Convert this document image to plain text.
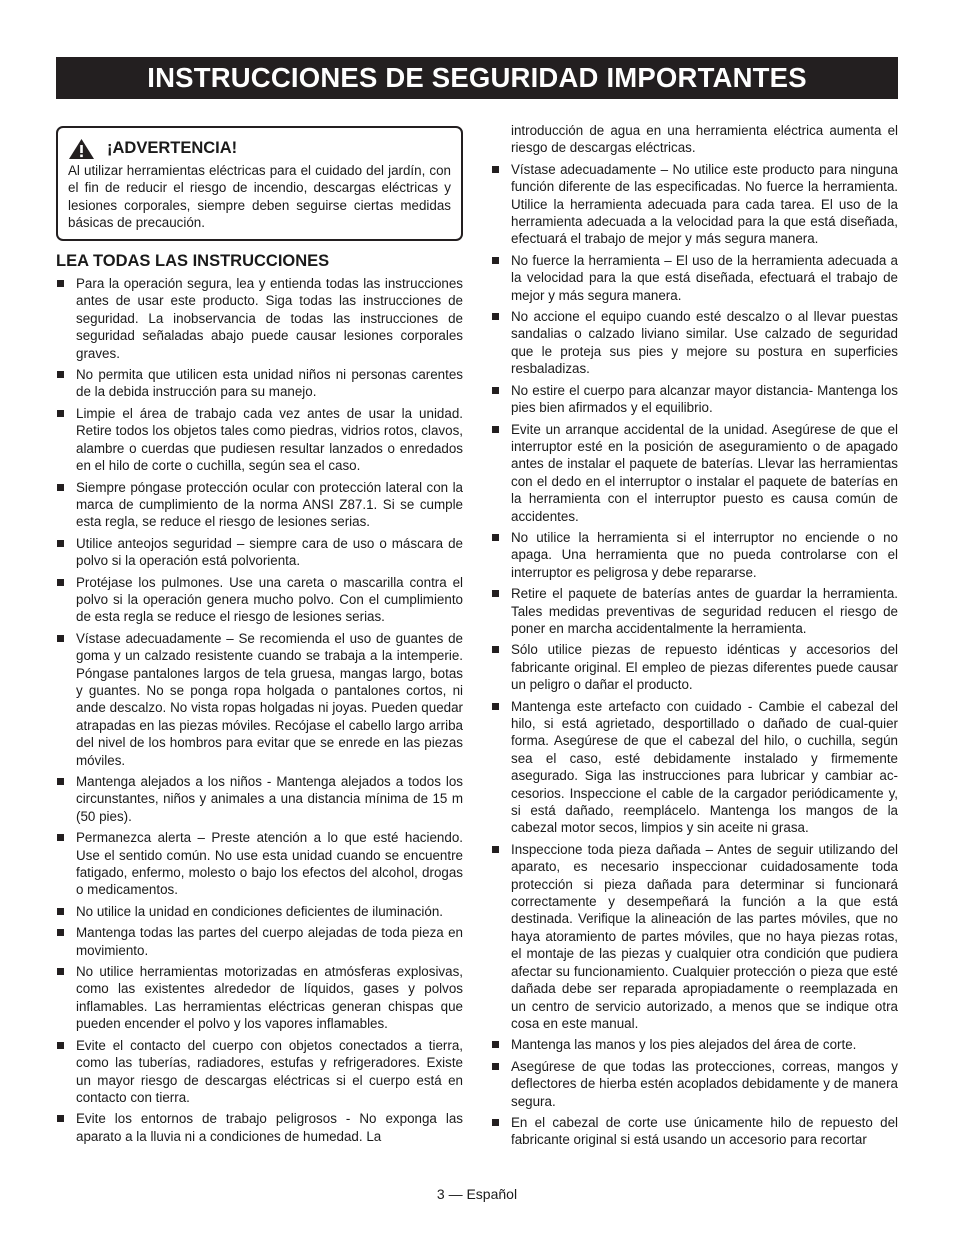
INSTRUCCIONES DE SEGURIDAD IMPORTANTES
¡ADVERTENCIA!
Al utilizar herramientas eléctricas para el cuidado del jardín, con el fin de reducir el riesgo de incendio, descargas eléctricas y lesiones corporales, siempre deben seguirse ciertas medidas básicas de precaución.
LEA TODAS LAS INSTRUCCIONES
Para la operación segura, lea y entienda todas las instrucciones antes de usar este producto. Siga todas las instrucciones de seguridad. La inobservancia de todas las instrucciones de seguridad señaladas abajo puede causar lesiones corporales graves.
No permita que utilicen esta unidad niños ni personas carentes de la debida instrucción para su manejo.
Limpie el área de trabajo cada vez antes de usar la unidad. Retire todos los objetos tales como piedras, vidrios rotos, clavos, alambre o cuerdas que pudiesen resultar lanzados o enredados en el hilo de corte o cuchilla, según sea el caso.
Siempre póngase protección ocular con protección lateral con la marca de cumplimiento de la norma ANSI Z87.1. Si se cumple esta regla, se reduce el riesgo de lesiones serias.
Utilice anteojos seguridad – siempre cara de uso o máscara de polvo si la operación está polvorienta.
Protéjase los pulmones. Use una careta o mascarilla contra el polvo si la operación genera mucho polvo. Con el cumplimiento de esta regla se reduce el riesgo de lesiones serias.
Vístase adecuadamente – Se recomienda el uso de guantes de goma y un calzado resistente cuando se trabaja a la intemperie. Póngase pantalones largos de tela gruesa, mangas largo, botas y guantes. No se ponga ropa holgada o pantalones cortos, ni ande descalzo. No vista ropas holgadas ni joyas. Pueden quedar atrapadas en las piezas móviles. Recójase el cabello largo arriba del nivel de los hombros para evitar que se enrede en las piezas móviles.
Mantenga alejados a los niños - Mantenga alejados a todos los circunstantes, niños y animales a una distancia mínima de 15 m (50 pies).
Permanezca alerta – Preste atención a lo que esté haciendo. Use el sentido común. No use esta unidad cuando se encuentre fatigado, enfermo, molesto o bajo los efectos del alcohol, drogas o medicamentos.
No utilice la unidad en condiciones deficientes de iluminación.
Mantenga todas las partes del cuerpo alejadas de toda pieza en movimiento.
No utilice herramientas motorizadas en atmósferas explosivas, como las existentes alrededor de líquidos, gases y polvos inflamables. Las herramientas eléctricas generan chispas que pueden encender el polvo y los vapores inflamables.
Evite el contacto del cuerpo con objetos conectados a tierra, como las tuberías, radiadores, estufas y refrigeradores. Existe un mayor riesgo de descargas eléctricas si el cuerpo está en contacto con tierra.
Evite los entornos de trabajo peligrosos - No exponga las aparato a la lluvia ni a condiciones de humedad. La

introducción de agua en una herramienta eléctrica aumenta el riesgo de descargas eléctricas.

Vístase adecuadamente – No utilice este producto para ninguna función diferente de las especificadas. No fuerce la herramienta. Utilice la herramienta adecuada para cada tarea. El uso de la herramienta adecuada a la velocidad para la que está diseñada, efectuará el trabajo de mejor y más segura manera.
No fuerce la herramienta – El uso de la herramienta adecuada a la velocidad para la que está diseñada, efectuará el trabajo de mejor y más segura manera.
No accione el equipo cuando esté descalzo o al llevar puestas sandalias o calzado liviano similar. Use calzado de seguridad que le proteja sus pies y mejore su postura en superficies resbaladizas.
No estire el cuerpo para alcanzar mayor distancia- Mantenga los pies bien afirmados y el equilibrio.
Evite un arranque accidental de la unidad. Asegúrese de que el interruptor esté en la posición de aseguramiento o de apagado antes de instalar el paquete de baterías. Llevar las herramientas con el dedo en el interruptor o instalar el paquete de baterías en la herramienta con el interruptor puesto es causa común de accidentes.
No utilice la herramienta si el interruptor no enciende o no apaga. Una herramienta que no pueda controlarse con el interruptor es peligrosa y debe repararse.
Retire el paquete de baterías antes de guardar la herramienta. Tales medidas preventivas de seguridad reducen el riesgo de poner en marcha accidentalmente la herramienta.
Sólo utilice piezas de repuesto idénticas y accesorios del fabricante original. El empleo de piezas diferentes puede causar un peligro o dañar el producto.
Mantenga este artefacto con cuidado - Cambie el cabezal del hilo, si está agrietado, desportillado o dañado de cual-quier forma. Asegúrese de que el cabezal del hilo, o cuchilla, según sea el caso, esté debidamente instalado y firmemente asegurado. Siga las instrucciones para lubricar y cambiar ac-cesorios. Inspeccione el cable de la cargador periódicamente y, si está dañado, reemplácelo. Mantenga los mangos de la cabezal motor secos, limpios y sin aceite ni grasa.
Inspeccione toda pieza dañada – Antes de seguir utilizando del aparato, es necesario inspeccionar cuidadosamente toda protección si pieza dañada para determinar si funcionará correctamente y desempeñará la función a la que está destinada. Verifique la alineación de las partes móviles, que no haya atoramiento de partes móviles, que no haya piezas rotas, el montaje de las piezas y cualquier otra condición que pudiera afectar su funcionamiento. Cualquier protección o pieza que esté dañada debe ser reparada apropiadamente o reemplazada en un centro de servicio autorizado, a menos que se indique otra cosa en este manual.
Mantenga las manos y los pies alejados del área de corte.
Asegúrese de que todas las protecciones, correas, mangos y deflectores de hierba estén acoplados debidamente y de manera segura.
En el cabezal de corte use únicamente hilo de repuesto del fabricante original si está usando un accesorio para recortar
3 — Español
